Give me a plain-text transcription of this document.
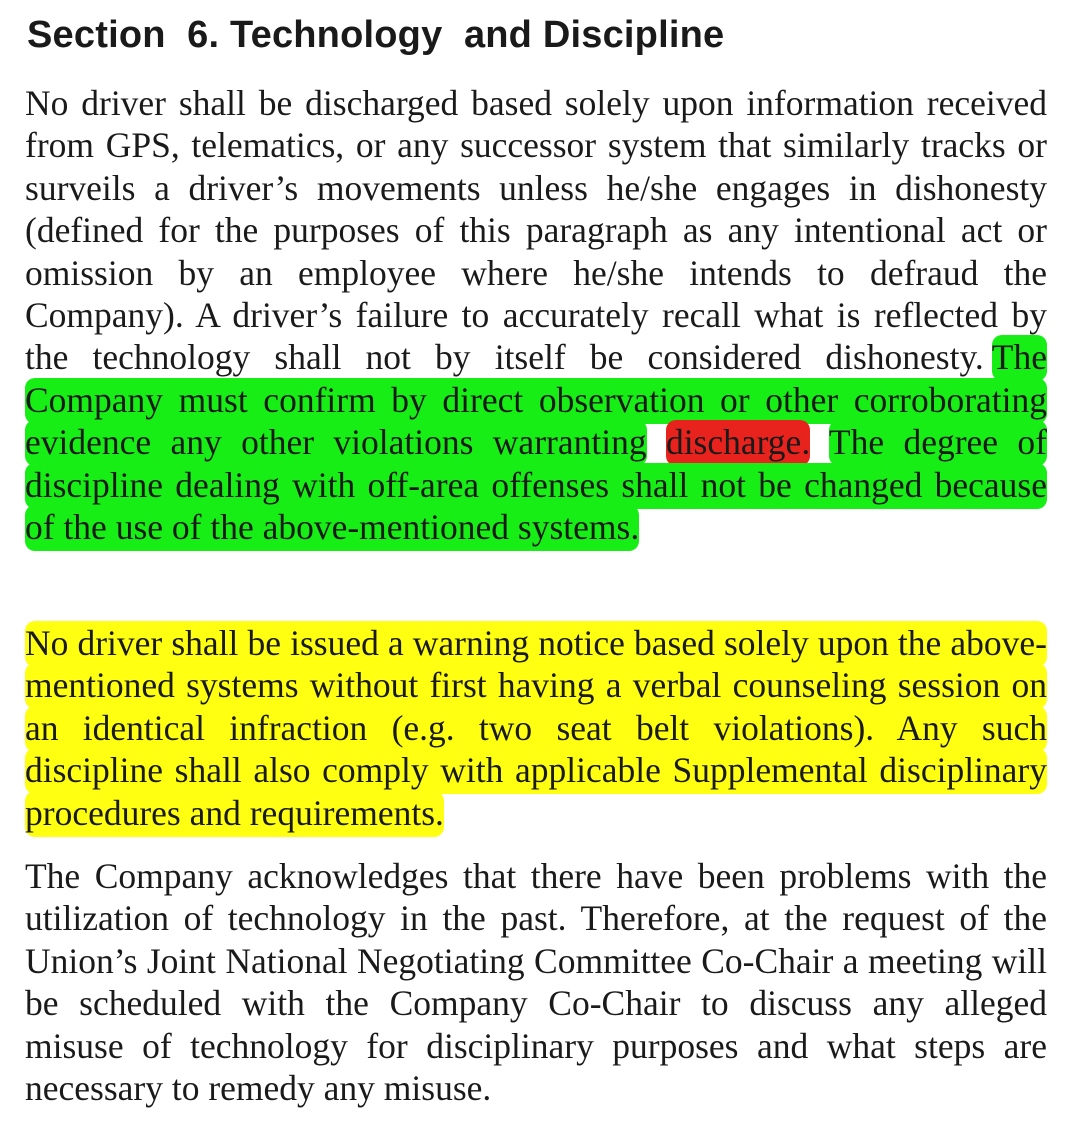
Section  6. Technology  and Discipline

No driver shall be discharged based solely upon information received from GPS, telematics, or any successor system that similarly tracks or surveils a driver’s movements unless he/she engages in dishonesty (defined for the purposes of this paragraph as any intentional act or omission by an employee where he/she intends to defraud the Company). A driver’s failure to accurately recall what is reflected by the technology shall not by itself be considered dishonesty. The Company must confirm by direct observation or other corroborating evidence any other violations warranting discharge. The degree of discipline dealing with off-area offenses shall not be changed because of the use of the above-mentioned systems.

No driver shall be issued a warning notice based solely upon the above-mentioned systems without first having a verbal counseling session on an identical infraction (e.g. two seat belt violations). Any such discipline shall also comply with applicable Supplemental disciplinary procedures and requirements.

The Company acknowledges that there have been problems with the utilization of technology in the past. Therefore, at the request of the Union’s Joint National Negotiating Committee Co-Chair a meeting will be scheduled with the Company Co-Chair to discuss any alleged misuse of technology for disciplinary purposes and what steps are necessary to remedy any misuse.
